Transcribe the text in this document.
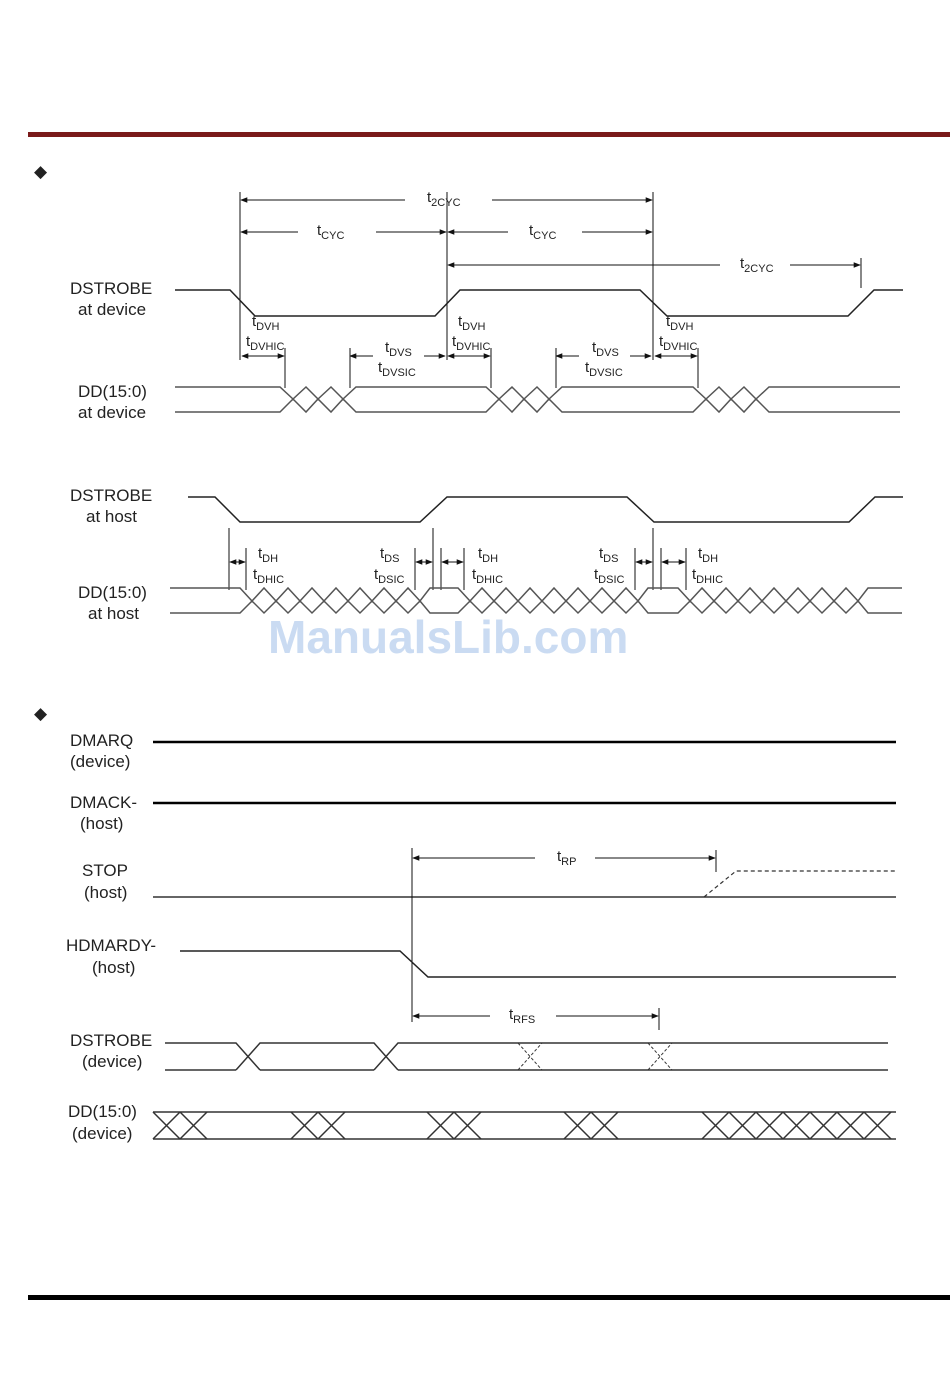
◆
◆
$t_{2CYC}$
$t_{CYC}$	$t_{CYC}$
$t_{2CYC}$
DSTROBE
at device
$t_{DVH}$	$t_{DVH}$	$t_{DVH}$
$t_{DVHIC}$	$t_{DVHIC}$	$t_{DVHIC}$
$t_{DVS}$	$t_{DVS}$
$t_{DVSIC}$	$t_{DVSIC}$
DD(15:0)
at device
DSTROBE
at host
$t_{DH}$	$t_{DH}$	$t_{DH}$
$t_{DS}$	$t_{DS}$
$t_{DHIC}$	$t_{DHIC}$	$t_{DHIC}$
$t_{DSIC}$	$t_{DSIC}$
DD(15:0)
at host	ManualsLib.com
DMARQ
(device)
DMACK-
(host)
STOP
(host)
$t_{RP}$
HDMARDY-
(host)
$t_{RFS}$
DSTROBE
(device)
DD(15:0)
(device)
